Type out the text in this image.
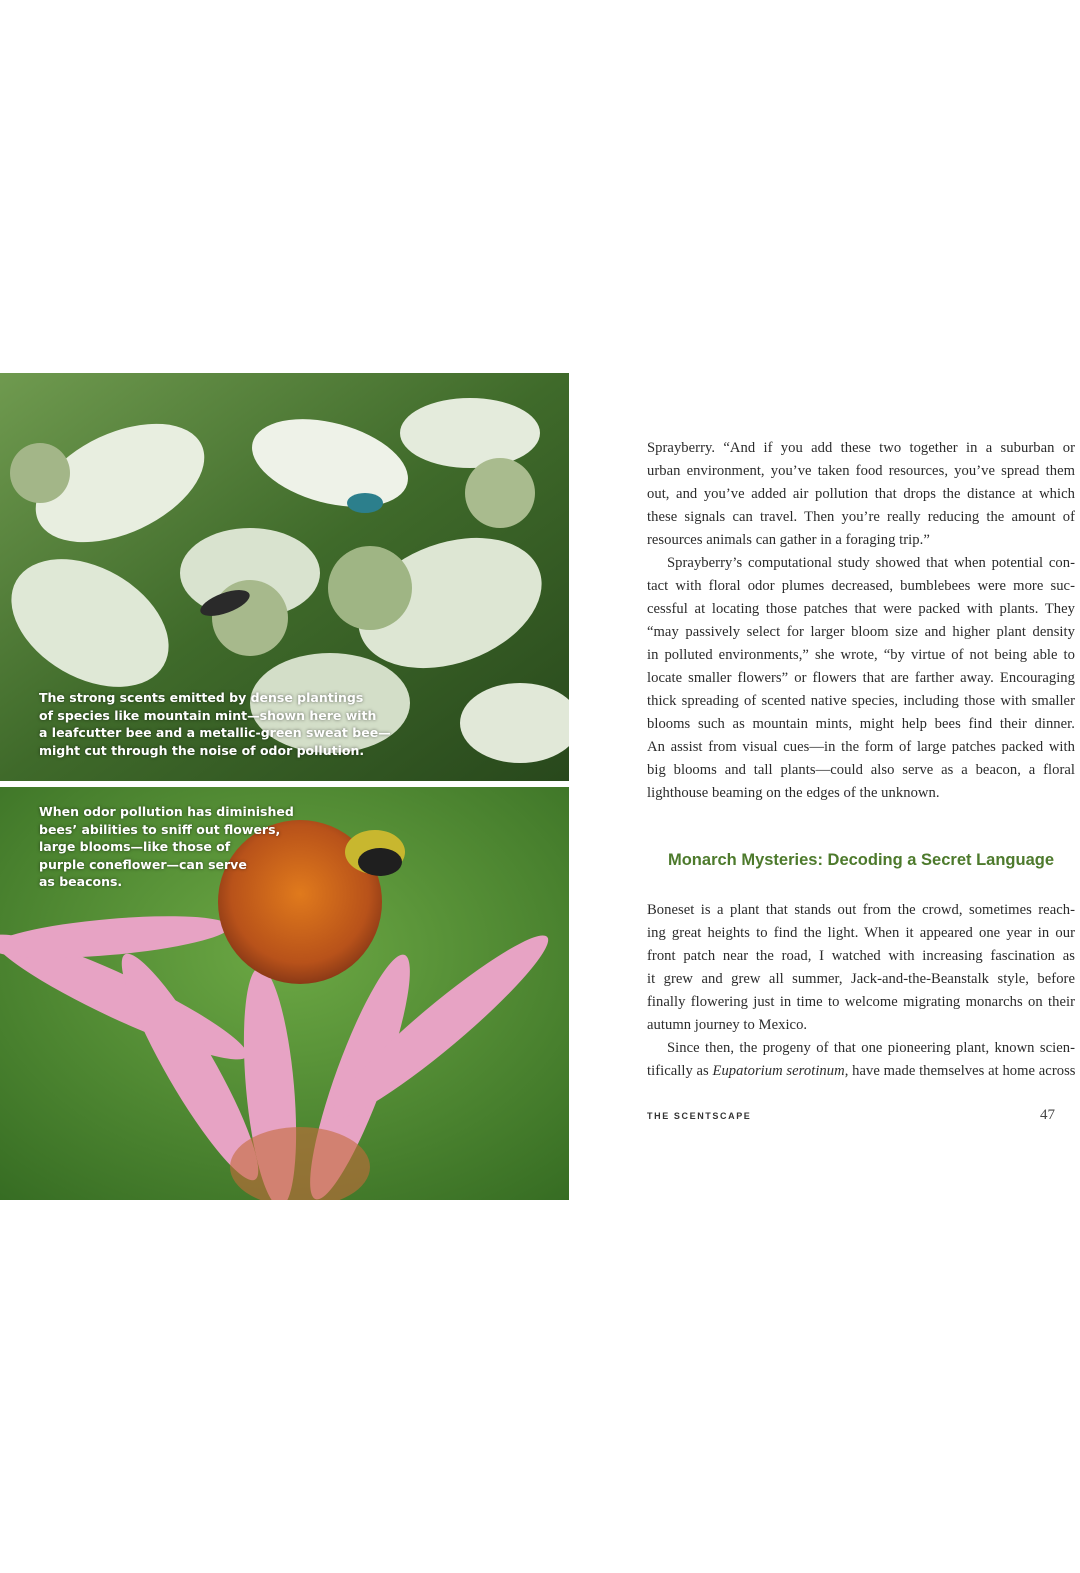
The strong scents emitted by dense plantings
of species like mountain mint—shown here with
a leafcutter bee and a metallic-green sweat bee—
might cut through the noise of odor pollution.
When odor pollution has diminished
bees’ abilities to sniff out flowers,
large blooms—like those of
purple coneflower—can serve
as beacons.
Sprayberry. “And if you add these two together in a suburban or
urban environment, you’ve taken food resources, you’ve spread them
out, and you’ve added air pollution that drops the distance at which
these signals can travel. Then you’re really reducing the amount of
resources animals can gather in a foraging trip.”
Sprayberry’s computational study showed that when potential con-
tact with floral odor plumes decreased, bumblebees were more suc-
cessful at locating those patches that were packed with plants. They
“may passively select for larger bloom size and higher plant density
in polluted environments,” she wrote, “by virtue of not being able to
locate smaller flowers” or flowers that are farther away. Encouraging
thick spreading of scented native species, including those with smaller
blooms such as mountain mints, might help bees find their dinner.
An assist from visual cues—in the form of large patches packed with
big blooms and tall plants—could also serve as a beacon, a floral
lighthouse beaming on the edges of the unknown.
Monarch Mysteries: Decoding a Secret Language
Boneset is a plant that stands out from the crowd, sometimes reach-
ing great heights to find the light. When it appeared one year in our
front patch near the road, I watched with increasing fascination as
it grew and grew all summer, Jack-and-the-Beanstalk style, before
finally flowering just in time to welcome migrating monarchs on their
autumn journey to Mexico.
Since then, the progeny of that one pioneering plant, known scien-
tifically as Eupatorium serotinum, have made themselves at home across
THE SCENTSCAPE	47
